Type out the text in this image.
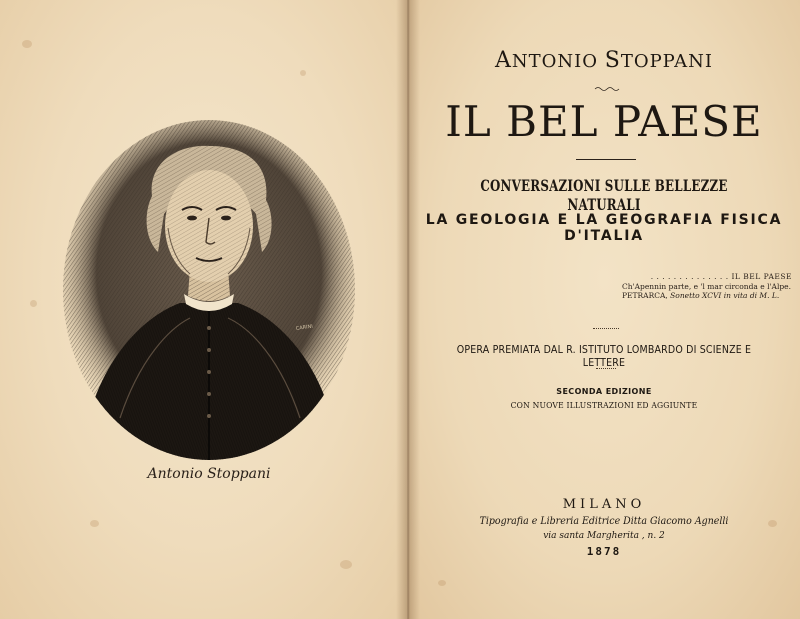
CARINI
Antonio Stoppani
ANTONIO STOPPANI
IL BEL PAESE
CONVERSAZIONI SULLE BELLEZZE NATURALI
LA GEOLOGIA E LA GEOGRAFIA FISICA D'ITALIA
. . . . . . . . . . . . . . IL BEL PAESE
Ch'Apennin parte, e 'l mar circonda e l'Alpe.
PETRARCA, Sonetto XCVI in vita di M. L.
OPERA PREMIATA DAL R. ISTITUTO LOMBARDO DI SCIENZE E LETTERE
SECONDA EDIZIONE
CON NUOVE ILLUSTRAZIONI ED AGGIUNTE
MILANO
Tipografia e Libreria Editrice Ditta Giacomo Agnelli
via santa Margherita , n. 2
1878
